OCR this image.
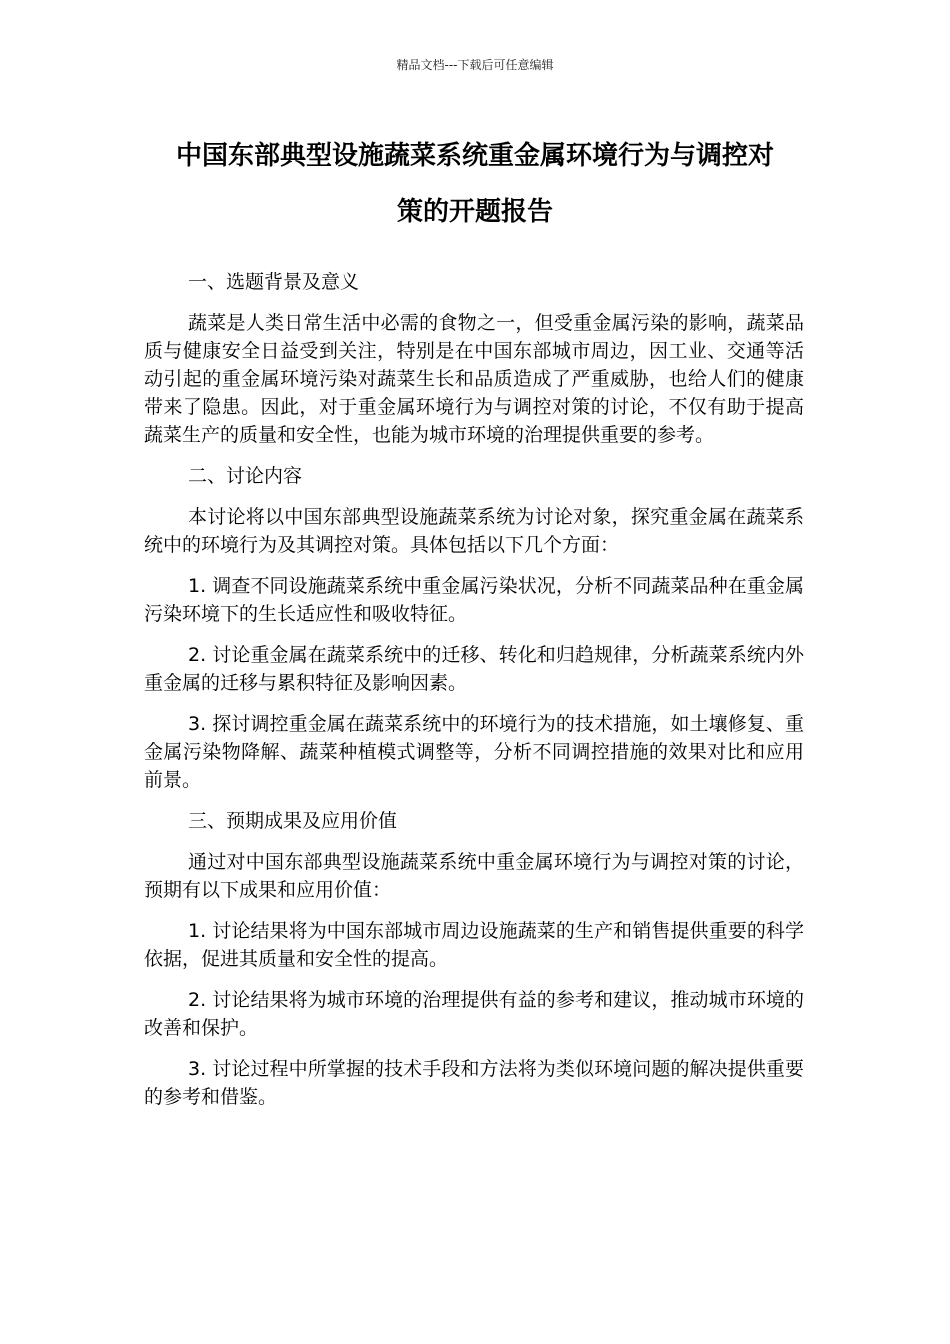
精品文档---下载后可任意编辑
中国东部典型设施蔬菜系统重金属环境行为与调控对
策的开题报告

一、选题背景及意义

蔬菜是人类日常生活中必需的食物之一，但受重金属污染的影响，蔬菜品质与健康安全日益受到关注，特别是在中国东部城市周边，因工业、交通等活动引起的重金属环境污染对蔬菜生长和品质造成了严重威胁，也给人们的健康带来了隐患。因此，对于重金属环境行为与调控对策的讨论，不仅有助于提高蔬菜生产的质量和安全性，也能为城市环境的治理提供重要的参考。

二、讨论内容

本讨论将以中国东部典型设施蔬菜系统为讨论对象，探究重金属在蔬菜系统中的环境行为及其调控对策。具体包括以下几个方面：

1. 调查不同设施蔬菜系统中重金属污染状况，分析不同蔬菜品种在重金属污染环境下的生长适应性和吸收特征。

2. 讨论重金属在蔬菜系统中的迁移、转化和归趋规律，分析蔬菜系统内外重金属的迁移与累积特征及影响因素。

3. 探讨调控重金属在蔬菜系统中的环境行为的技术措施，如土壤修复、重金属污染物降解、蔬菜种植模式调整等，分析不同调控措施的效果对比和应用前景。

三、预期成果及应用价值

通过对中国东部典型设施蔬菜系统中重金属环境行为与调控对策的讨论，预期有以下成果和应用价值：

1. 讨论结果将为中国东部城市周边设施蔬菜的生产和销售提供重要的科学依据，促进其质量和安全性的提高。

2. 讨论结果将为城市环境的治理提供有益的参考和建议，推动城市环境的改善和保护。

3. 讨论过程中所掌握的技术手段和方法将为类似环境问题的解决提供重要的参考和借鉴。
